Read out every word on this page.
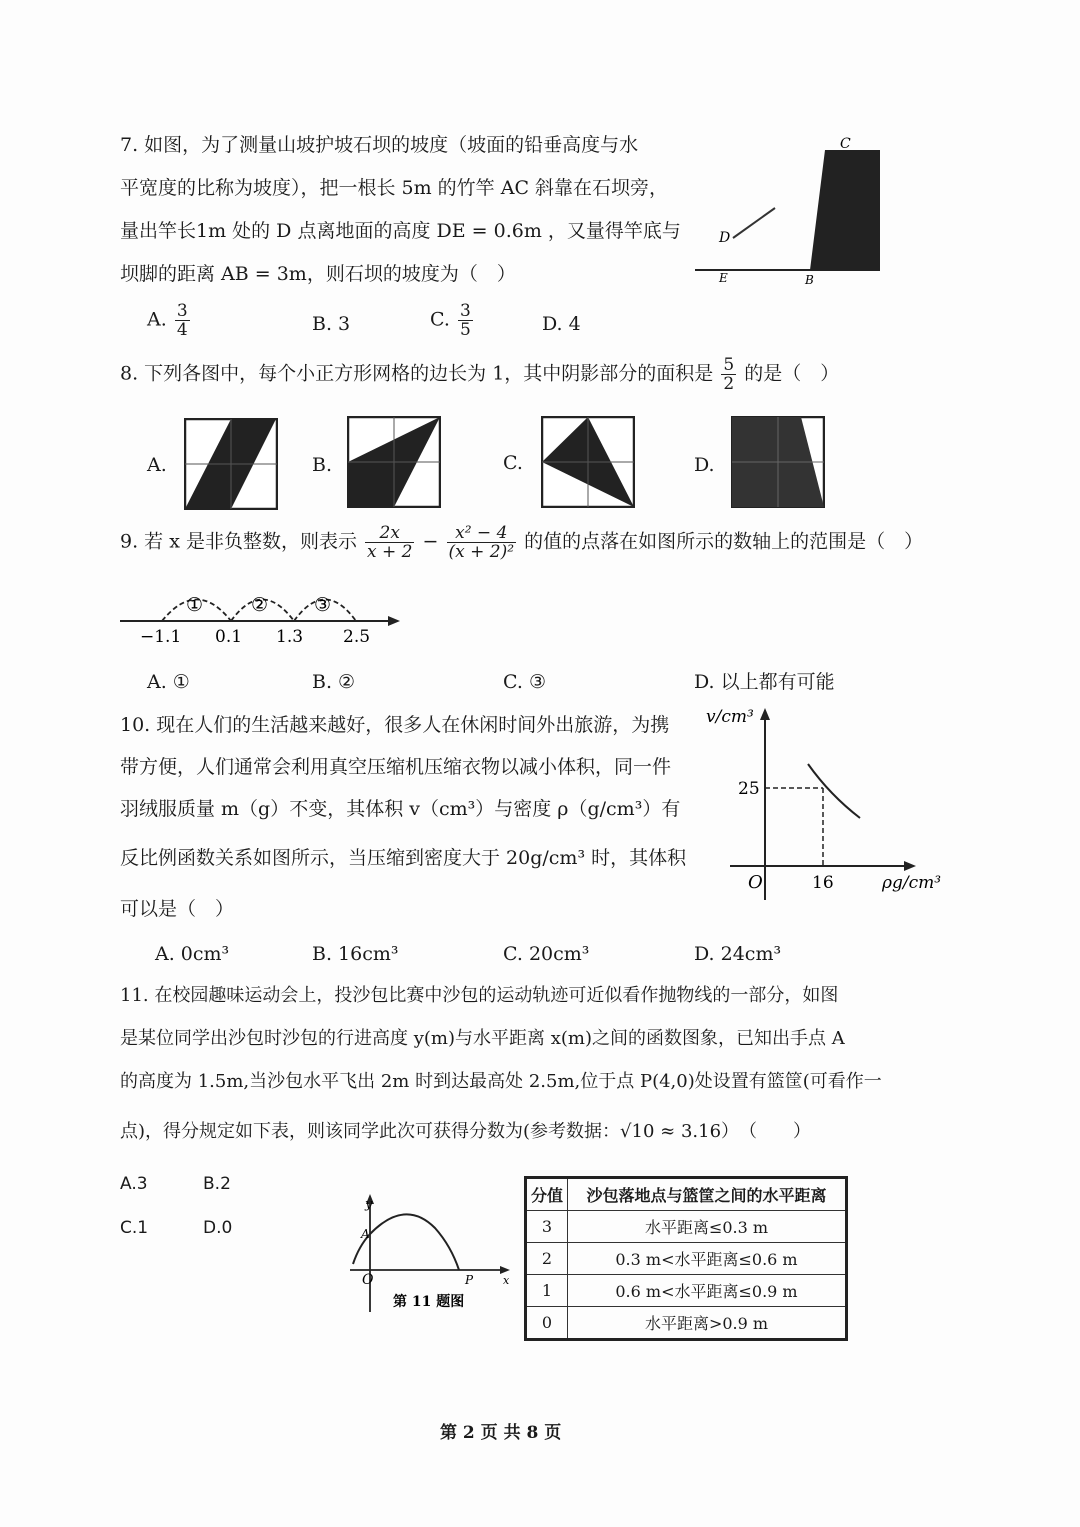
7. 如图，为了测量山坡护坡石坝的坡度（坡面的铅垂高度与水
平宽度的比称为坡度），把一根长 5m 的竹竿 AC 斜靠在石坝旁，
量出竿长1m 处的 D 点离地面的高度 DE = 0.6m ，又量得竿底与
坝脚的距离 AB = 3m，则石坝的坡度为（　）
A. $\frac{3}{4}$	B. 3	C. $\frac{3}{5}$	D. 4
C
D
E	B
8. 下列各图中，每个小正方形网格的边长为 1，其中阴影部分的面积是 $\frac{5}{2}$ 的是（　）
A.	B.	C.	D.
9. 若 x 是非负整数，则表示 $\frac{2x}{x + 2} - \frac{\text{x² − 4}}{\text{(x + 2)²}}$ 的值的点落在如图所示的数轴上的范围是（　）
①	② ③
−1.1 0.1 1.3 2.5
A. ①	B. ②	C. ③	D. 以上都有可能
10. 现在人们的生活越来越好，很多人在休闲时间外出旅游，为携
带方便，人们通常会利用真空压缩机压缩衣物以减小体积，同一件
羽绒服质量 m（g）不变，其体积 v（cm³）与密度 ρ（g/cm³）有
反比例函数关系如图所示，当压缩到密度大于 20g/cm³ 时，其体积
可以是（　）
v/cm³
25
O	16	ρg/cm³
A. 0cm³	B. 16cm³	C. 20cm³	D. 24cm³
11. 在校园趣味运动会上，投沙包比赛中沙包的运动轨迹可近似看作抛物线的一部分，如图
是某位同学出沙包时沙包的行进高度 y(m)与水平距离 x(m)之间的函数图象，已知出手点 A
的高度为 1.5m,当沙包水平飞出 2m 时到达最高处 2.5m,位于点 P(4,0)处设置有篮筐(可看作一
点)，得分规定如下表，则该同学此次可获得分数为(参考数据：√10 ≈ 3.16）　（　　）
A.3	B.2
C.1	D.0
y
A
O	P	x
第 11 题图
分值	沙包落地点与篮筐之间的水平距离
3	水平距离≤0.3 m
2	0.3 m<水平距离≤0.6 m
1	0.6 m<水平距离≤0.9 m
0	水平距离>0.9 m
第 2 页 共 8 页
